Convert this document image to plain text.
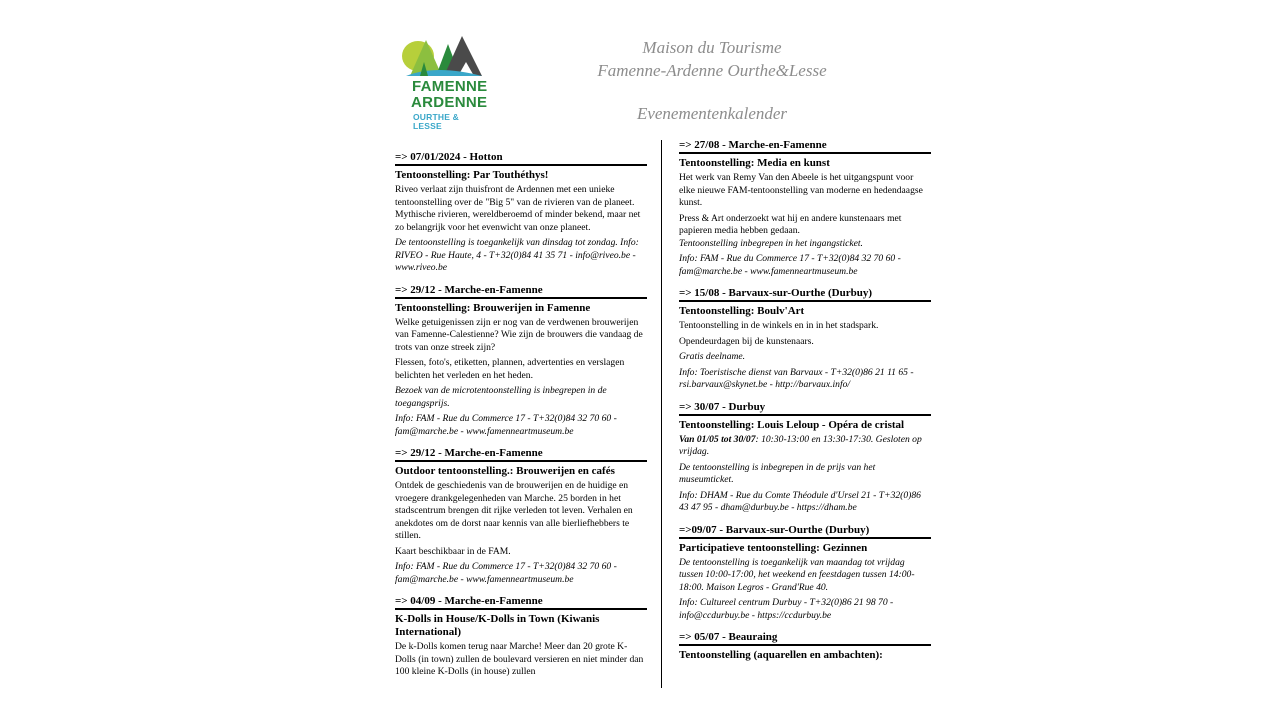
FAMENNE
ARDENNE
OURTHE & LESSE
Maison du Tourisme
Famenne-Ardenne Ourthe&Lesse
Evenementenkalender
=> 07/01/2024 - Hotton
Tentoonstelling: Par Touthéthys!
Riveo verlaat zijn thuisfront de Ardennen met een unieke tentoonstelling over de "Big 5" van de rivieren van de planeet. Mythische rivieren, wereldberoemd of minder bekend, maar net zo belangrijk voor het evenwicht van onze planeet.
De tentoonstelling is toegankelijk van dinsdag tot zondag. Info: RIVEO - Rue Haute, 4 - T+32(0)84 41 35 71 - info@riveo.be - www.riveo.be
=> 29/12 - Marche-en-Famenne
Tentoonstelling: Brouwerijen in Famenne
Welke getuigenissen zijn er nog van de verdwenen brouwerijen van Famenne-Calestienne? Wie zijn de brouwers die vandaag de trots van onze streek zijn?
Flessen, foto's, etiketten, plannen, advertenties en verslagen belichten het verleden en het heden.
Bezoek van de microtentoonstelling is inbegrepen in de toegangsprijs.
Info: FAM - Rue du Commerce 17 - T+32(0)84 32 70 60 - fam@marche.be - www.famenneartmuseum.be
=> 29/12 - Marche-en-Famenne
Outdoor tentoonstelling.: Brouwerijen en cafés
Ontdek de geschiedenis van de brouwerijen en de huidige en vroegere drankgelegenheden van Marche. 25 borden in het stadscentrum brengen dit rijke verleden tot leven. Verhalen en anekdotes om de dorst naar kennis van alle bierliefhebbers te stillen.
Kaart beschikbaar in de FAM.
Info: FAM - Rue du Commerce 17 - T+32(0)84 32 70 60 - fam@marche.be - www.famenneartmuseum.be
=> 04/09 - Marche-en-Famenne
K-Dolls in House/K-Dolls in Town (Kiwanis International)
De k-Dolls komen terug naar Marche! Meer dan 20 grote K-Dolls (in town) zullen de boulevard versieren en niet minder dan 100 kleine K-Dolls (in house) zullen
=> 27/08 - Marche-en-Famenne
Tentoonstelling: Media en kunst
Het werk van Remy Van den Abeele is het uitgangspunt voor elke nieuwe FAM-tentoonstelling van moderne en hedendaagse kunst.
Press & Art onderzoekt wat hij en andere kunstenaars met papieren media hebben gedaan.
Tentoonstelling inbegrepen in het ingangsticket.
Info: FAM - Rue du Commerce 17 - T+32(0)84 32 70 60 - fam@marche.be - www.famenneartmuseum.be
=> 15/08 - Barvaux-sur-Ourthe (Durbuy)
Tentoonstelling: Boulv'Art
Tentoonstelling in de winkels en in in het stadspark.
Opendeurdagen bij de kunstenaars.
Gratis deelname.
Info: Toeristische dienst van Barvaux - T+32(0)86 21 11 65 - rsi.barvaux@skynet.be - http://barvaux.info/
=> 30/07 - Durbuy
Tentoonstelling: Louis Leloup - Opéra de cristal
Van 01/05 tot 30/07: 10:30-13:00 en 13:30-17:30. Gesloten op vrijdag.
De tentoonstelling is inbegrepen in de prijs van het museumticket.
Info: DHAM - Rue du Comte Théodule d'Ursel 21 - T+32(0)86 43 47 95 - dham@durbuy.be - https://dham.be
=>09/07 - Barvaux-sur-Ourthe (Durbuy)
Participatieve tentoonstelling: Gezinnen
De tentoonstelling is toegankelijk van maandag tot vrijdag tussen 10:00-17:00, het weekend en feestdagen tussen 14:00-18:00. Maison Legros - Grand'Rue 40.
Info: Cultureel centrum Durbuy - T+32(0)86 21 98 70 - info@ccdurbuy.be - https://ccdurbuy.be
=> 05/07 - Beauraing
Tentoonstelling (aquarellen en ambachten):
